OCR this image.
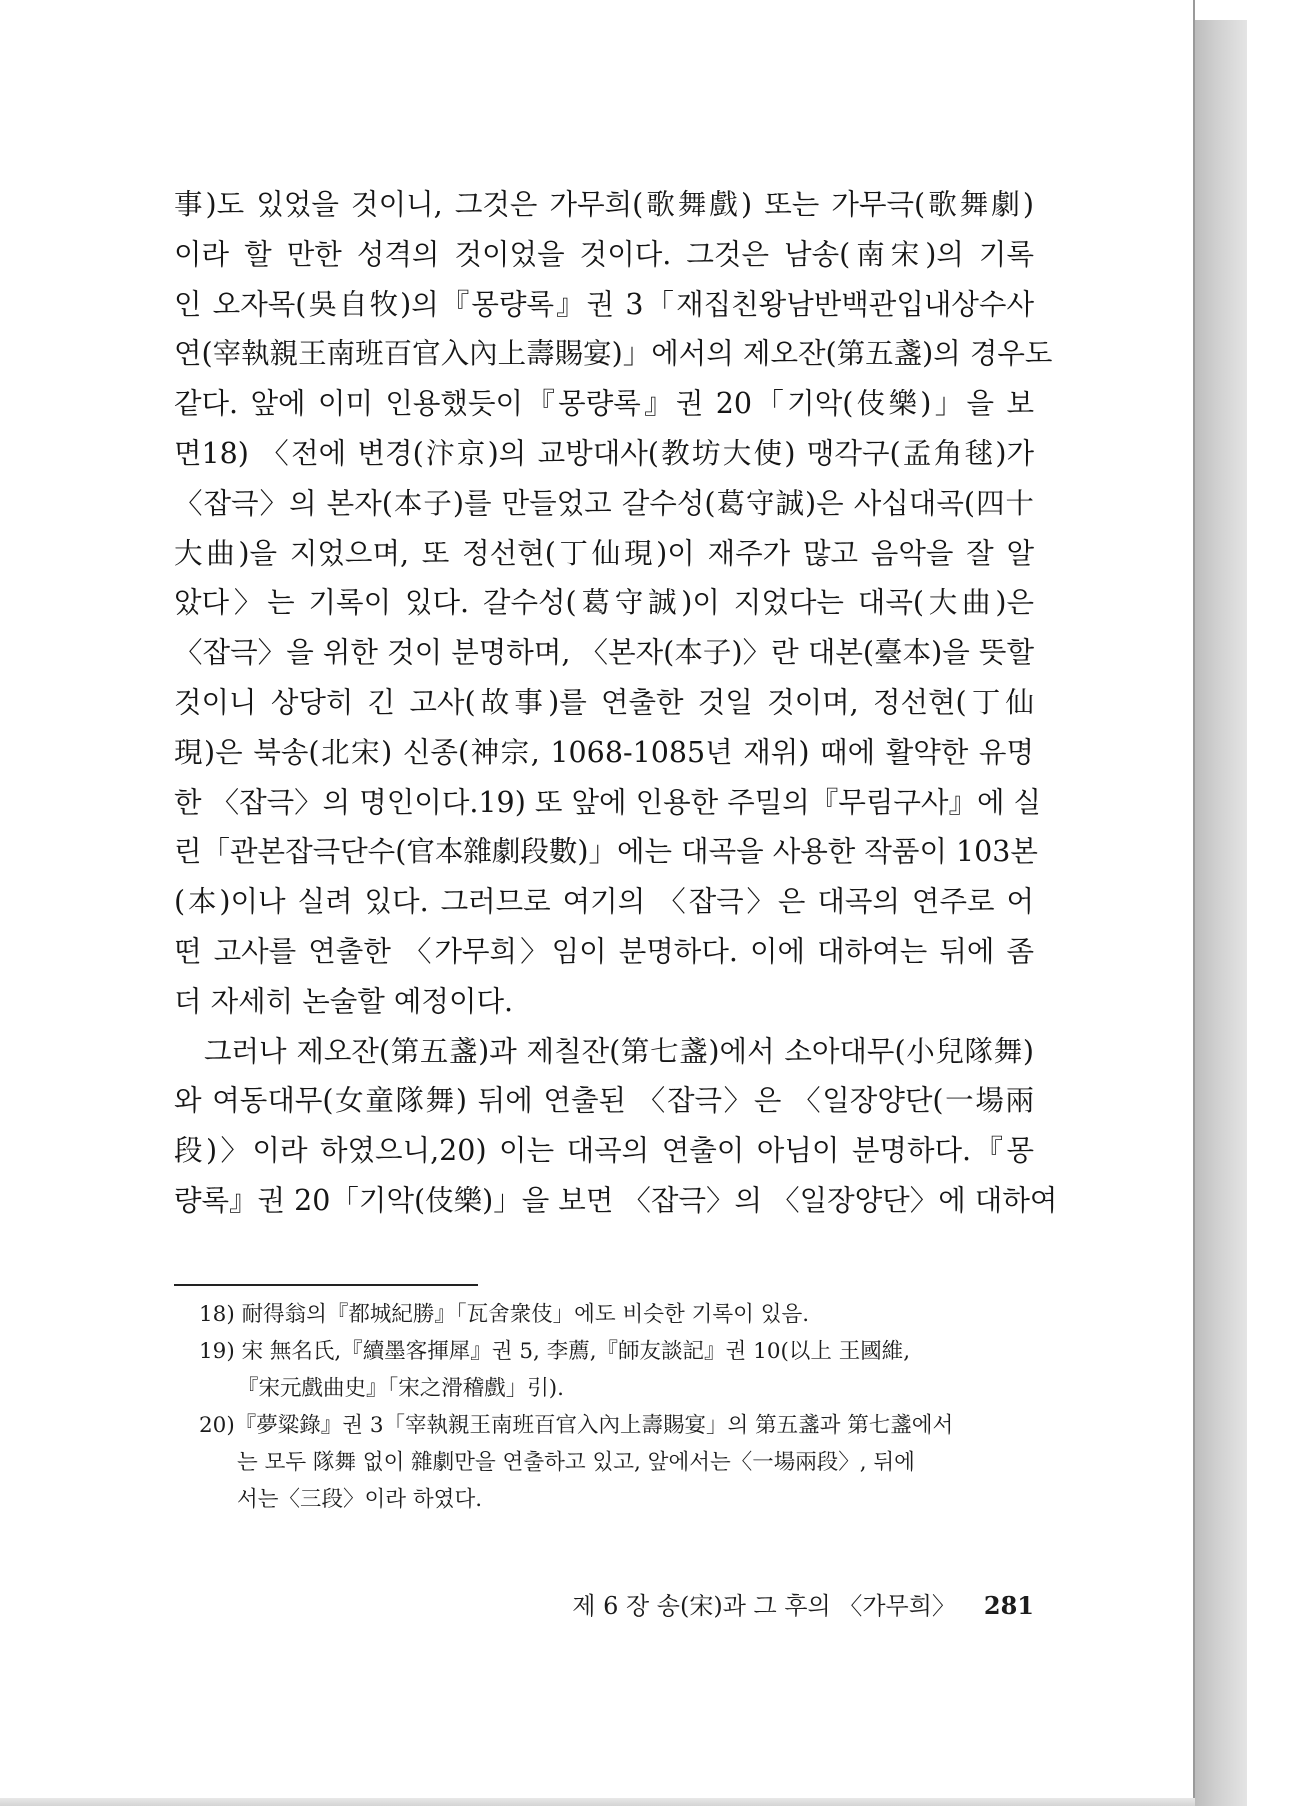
事)도 있었을 것이니, 그것은 가무희(歌舞戲) 또는 가무극(歌舞劇)
이라 할 만한 성격의 것이었을 것이다. 그것은 남송(南宋)의 기록
인 오자목(吳自牧)의『몽량록』권 3「재집친왕남반백관입내상수사
연(宰執親王南班百官入內上壽賜宴)」에서의 제오잔(第五盞)의 경우도
같다. 앞에 이미 인용했듯이『몽량록』권 20「기악(伎樂)」을 보
면18) 〈전에 변경(汴京)의 교방대사(教坊大使) 맹각구(孟角毬)가
〈잡극〉의 본자(本子)를 만들었고 갈수성(葛守誠)은 사십대곡(四十
大曲)을 지었으며, 또 정선현(丁仙現)이 재주가 많고 음악을 잘 알
았다〉는 기록이 있다. 갈수성(葛守誠)이 지었다는 대곡(大曲)은
〈잡극〉을 위한 것이 분명하며, 〈본자(本子)〉란 대본(臺本)을 뜻할
것이니 상당히 긴 고사(故事)를 연출한 것일 것이며, 정선현(丁仙
現)은 북송(北宋) 신종(神宗, 1068-1085년 재위) 때에 활약한 유명
한 〈잡극〉의 명인이다.19) 또 앞에 인용한 주밀의『무림구사』에 실
린「관본잡극단수(官本雜劇段數)」에는 대곡을 사용한 작품이 103본
(本)이나 실려 있다. 그러므로 여기의 〈잡극〉은 대곡의 연주로 어
떤 고사를 연출한 〈가무희〉임이 분명하다. 이에 대하여는 뒤에 좀
더 자세히 논술할 예정이다.
그러나 제오잔(第五盞)과 제칠잔(第七盞)에서 소아대무(小兒隊舞)
와 여동대무(女童隊舞) 뒤에 연출된 〈잡극〉은 〈일장양단(一場兩
段)〉이라 하였으니,20) 이는 대곡의 연출이 아님이 분명하다.『몽
량록』권 20「기악(伎樂)」을 보면 〈잡극〉의 〈일장양단〉에 대하여
18) 耐得翁의『都城紀勝』「瓦舍衆伎」에도 비슷한 기록이 있음.
19) 宋 無名氏,『續墨客揮犀』권 5, 李薦,『師友談記』권 10(以上 王國維,
『宋元戲曲史』「宋之滑稽戲」引).
20)『夢粱錄』권 3「宰執親王南班百官入內上壽賜宴」의 第五盞과 第七盞에서
는 모두 隊舞 없이 雜劇만을 연출하고 있고, 앞에서는〈一場兩段〉, 뒤에
서는〈三段〉이라 하였다.
제 6 장 송(宋)과 그 후의 〈가무희〉 281
